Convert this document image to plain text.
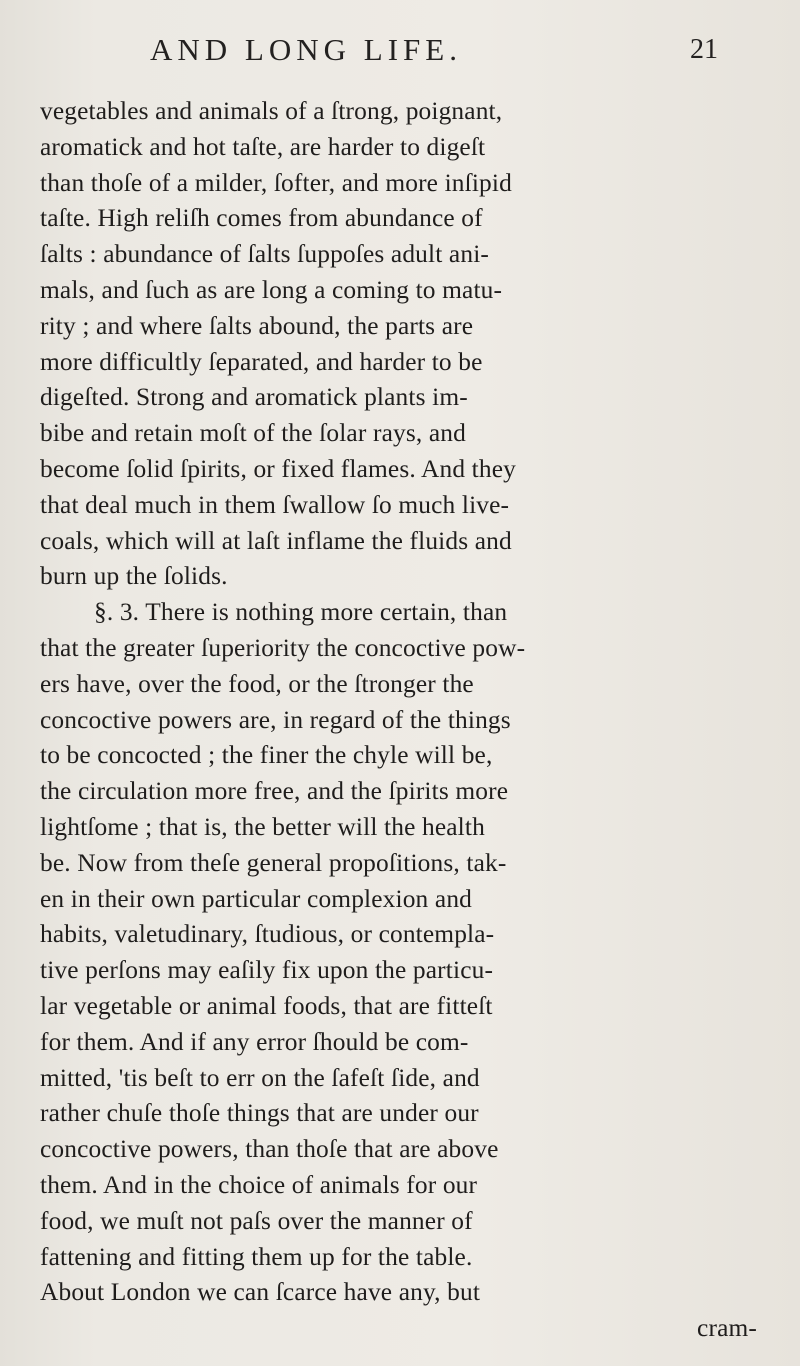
AND LONG LIFE.	21
vegetables and animals of a ſtrong, poignant,
aromatick and hot taſte, are harder to digeſt
than thoſe of a milder, ſofter, and more inſipid
taſte. High reliſh comes from abundance of
ſalts : abundance of ſalts ſuppoſes adult ani-
mals, and ſuch as are long a coming to matu-
rity ; and where ſalts abound, the parts are
more difficultly ſeparated, and harder to be
digeſted. Strong and aromatick plants im-
bibe and retain moſt of the ſolar rays, and
become ſolid ſpirits, or fixed flames. And they
that deal much in them ſwallow ſo much live-
coals, which will at laſt inflame the fluids and
burn up the ſolids.
§. 3. There is nothing more certain, than
that the greater ſuperiority the concoctive pow-
ers have, over the food, or the ſtronger the
concoctive powers are, in regard of the things
to be concocted ; the finer the chyle will be,
the circulation more free, and the ſpirits more
lightſome ; that is, the better will the health
be. Now from theſe general propoſitions, tak-
en in their own particular complexion and
habits, valetudinary, ſtudious, or contempla-
tive perſons may eaſily fix upon the particu-
lar vegetable or animal foods, that are fitteſt
for them. And if any error ſhould be com-
mitted, 'tis beſt to err on the ſafeſt ſide, and
rather chuſe thoſe things that are under our
concoctive powers, than thoſe that are above
them. And in the choice of animals for our
food, we muſt not paſs over the manner of
fattening and fitting them up for the table.
About London we can ſcarce have any, but
cram-
